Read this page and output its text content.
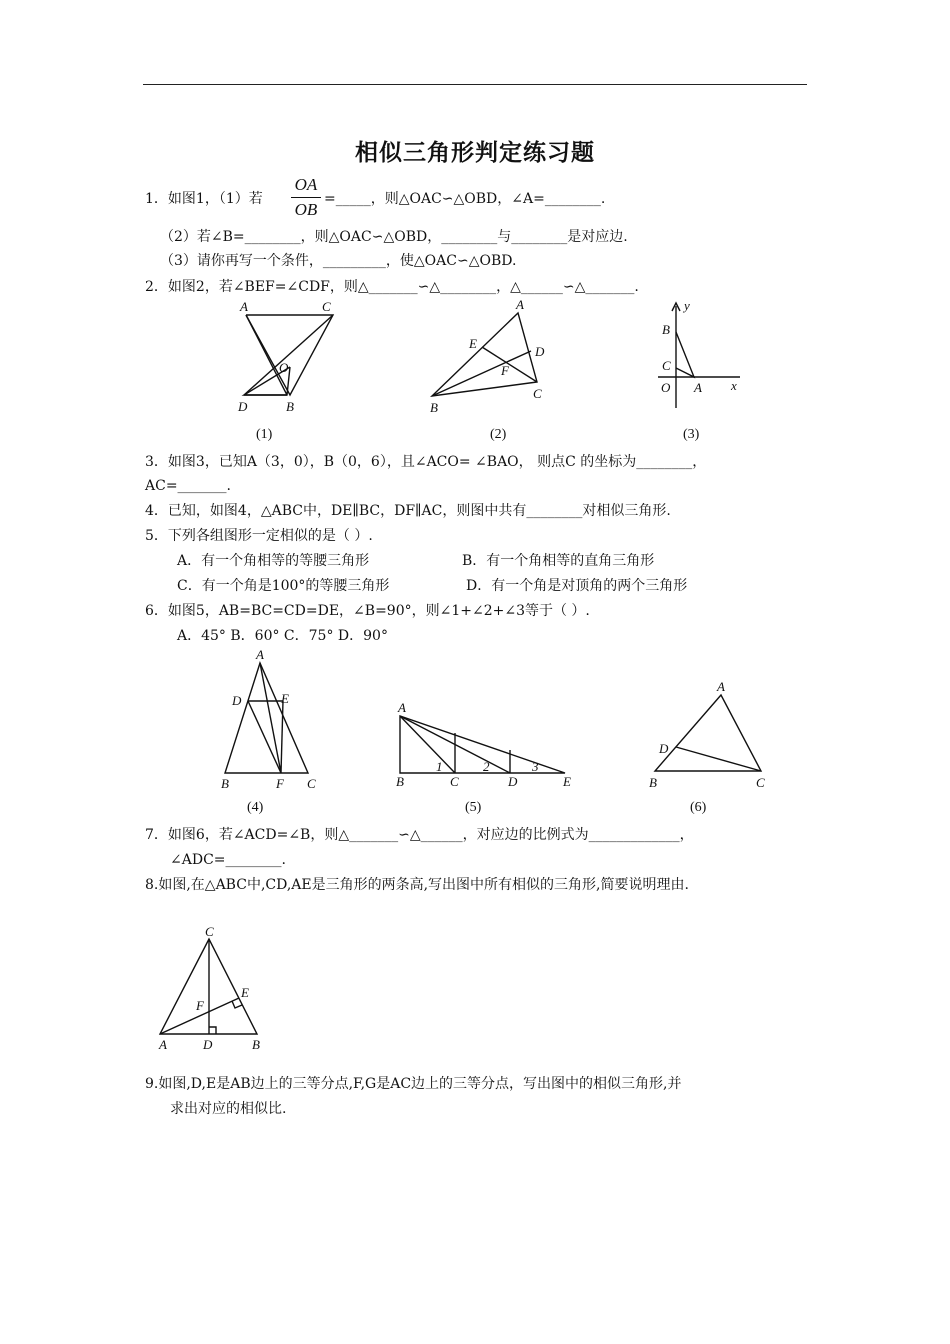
相似三角形判定练习题
1．如图1，（1）若
OA
OB
=_____，则△OAC∽△OBD，∠A=________.
（2）若∠B=________，则△OAC∽△OBD，________与________是对应边.
（3）请你再写一个条件，_________，使△OAC∽△OBD.
2．如图2，若∠BEF=∠CDF，则△_______∽△________，△______∽△_______.
A	C
O
D	B
A
E
D
F
B
C
y
B
C
O A x
(1)	(2)	(3)
3．如图3，已知A（3，0），B（0，6），且∠ACO= ∠BAO， 则点C 的坐标为________，
AC=_______.
4．已知，如图4，△ABC中，DE∥BC，DF∥AC，则图中共有________对相似三角形.
5．下列各组图形一定相似的是（ ）.
A．有一个角相等的等腰三角形	B．有一个角相等的直角三角形
C．有一个角是100°的等腰三角形	D．有一个角是对顶角的两个三角形
6．如图5，AB=BC=CD=DE，∠B=90°，则∠1+∠2+∠3等于（ ）.
A．45° B．60° C．75° D．90°
A
D	E
B	F C
A
B	C	D	E
1	2	3
A
D
B	C
(4)	(5)	(6)
7．如图6，若∠ACD=∠B，则△_______∽△______，对应边的比例式为_____________，
∠ADC=________.
8.如图,在△ABC中,CD,AE是三角形的两条高,写出图中所有相似的三角形,简要说明理由.
C
E
F
A	D	B
9.如图,D,E是AB边上的三等分点,F,G是AC边上的三等分点，写出图中的相似三角形,并
求出对应的相似比.
